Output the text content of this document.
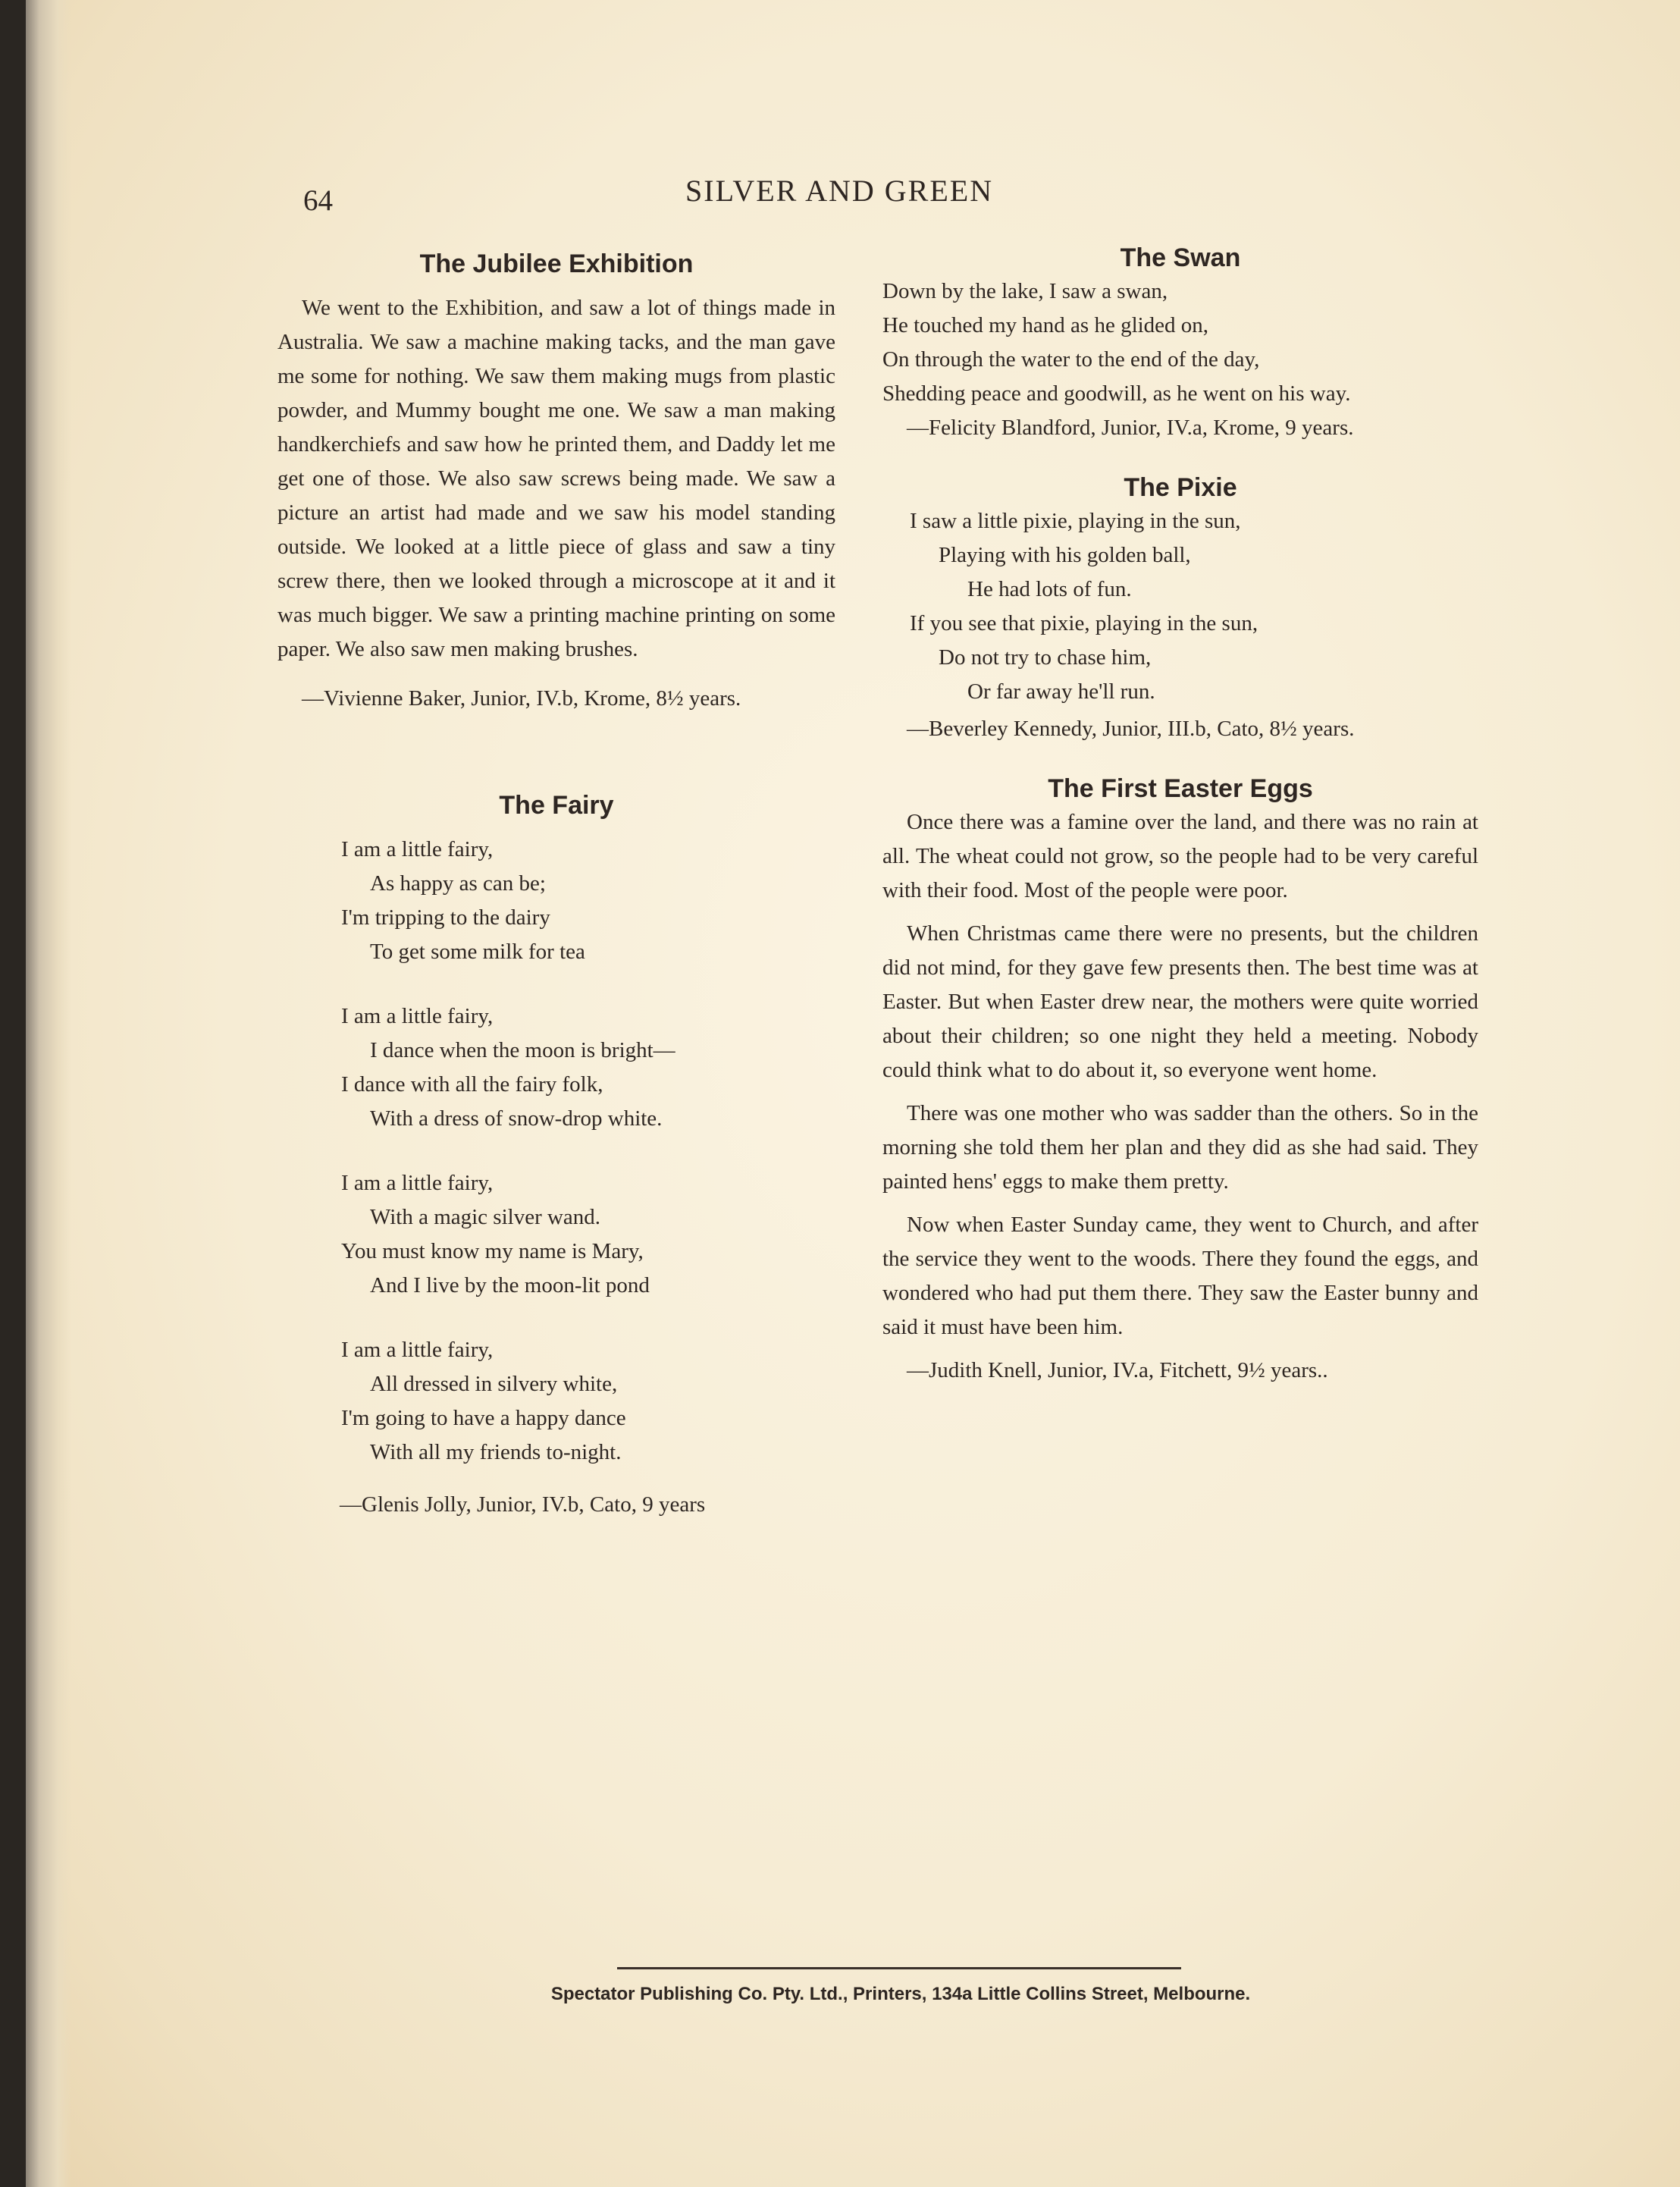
64	SILVER AND GREEN
The Jubilee Exhibition

We went to the Exhibition, and saw a lot of things made in Australia. We saw a machine making tacks, and the man gave me some for nothing. We saw them making mugs from plastic powder, and Mummy bought me one. We saw a man making handkerchiefs and saw how he printed them, and Daddy let me get one of those. We also saw screws being made. We saw a picture an artist had made and we saw his model standing outside. We looked at a little piece of glass and saw a tiny screw there, then we looked through a microscope at it and it was much bigger. We saw a printing machine printing on some paper. We also saw men making brushes.

—Vivienne Baker, Junior, IV.b, Krome, 8½ years.

The Fairy

I am a little fairy,

As happy as can be;

I'm tripping to the dairy

To get some milk for tea

I am a little fairy,

I dance when the moon is bright—

I dance with all the fairy folk,

With a dress of snow-drop white.

I am a little fairy,

With a magic silver wand.

You must know my name is Mary,

And I live by the moon-lit pond

I am a little fairy,

All dressed in silvery white,

I'm going to have a happy dance

With all my friends to-night.

—Glenis Jolly, Junior, IV.b, Cato, 9 years

The Swan

Down by the lake, I saw a swan,

He touched my hand as he glided on,

On through the water to the end of the day,

Shedding peace and goodwill, as he went on his way.

—Felicity Blandford, Junior, IV.a, Krome, 9 years.

The Pixie

I saw a little pixie, playing in the sun,

Playing with his golden ball,

He had lots of fun.

If you see that pixie, playing in the sun,

Do not try to chase him,

Or far away he'll run.

—Beverley Kennedy, Junior, III.b, Cato, 8½ years.

The First Easter Eggs

Once there was a famine over the land, and there was no rain at all. The wheat could not grow, so the people had to be very careful with their food. Most of the people were poor.

When Christmas came there were no presents, but the children did not mind, for they gave few presents then. The best time was at Easter. But when Easter drew near, the mothers were quite worried about their children; so one night they held a meeting. Nobody could think what to do about it, so everyone went home.

There was one mother who was sadder than the others. So in the morning she told them her plan and they did as she had said. They painted hens' eggs to make them pretty.

Now when Easter Sunday came, they went to Church, and after the service they went to the woods. There they found the eggs, and wondered who had put them there. They saw the Easter bunny and said it must have been him.

—Judith Knell, Junior, IV.a, Fitchett, 9½ years..

Spectator Publishing Co. Pty. Ltd., Printers, 134a Little Collins Street, Melbourne.
